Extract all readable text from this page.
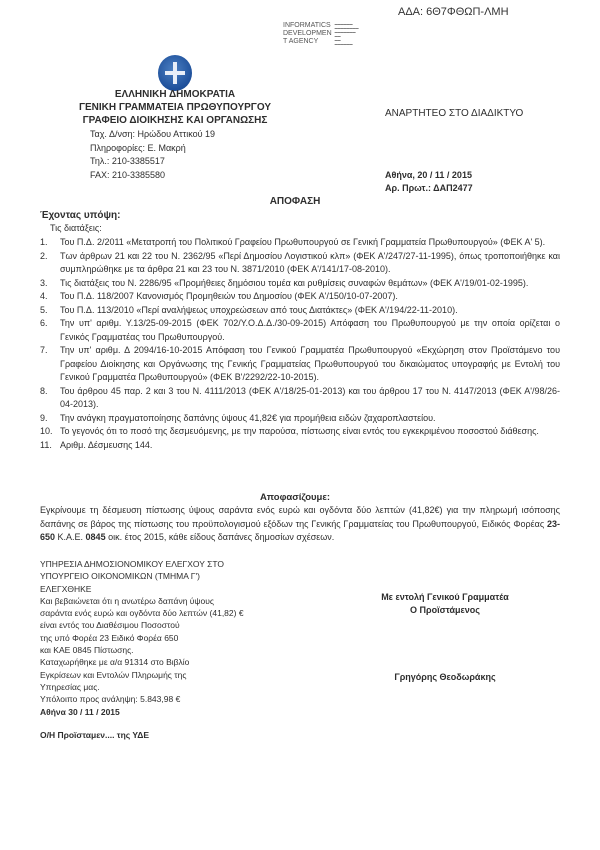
ΑΔΑ: 6Θ7ΦΘΩΠ-ΛΜΗ
INFORMATICS
DEVELOPMEN
T AGENCY
▬▬▬▬▬▬
▬▬▬▬▬▬▬▬
▬▬▬▬▬▬▬
▬▬
▬▬
▬▬▬▬▬▬
ΕΛΛΗΝΙΚΗ ΔΗΜΟΚΡΑΤΙΑ
ΓΕΝΙΚΗ ΓΡΑΜΜΑΤΕΙΑ ΠΡΩΘΥΠΟΥΡΓΟΥ
ΓΡΑΦΕΙΟ ΔΙΟΙΚΗΣΗΣ ΚΑΙ ΟΡΓΑΝΩΣΗΣ
Ταχ. Δ/νση: Ηρώδου Αττικού 19
Πληροφορίες: Ε. Μακρή
Τηλ.: 210-3385517
FAX: 210-3385580
ΑΝΑΡΤΗΤΕΟ ΣΤΟ ΔΙΑΔΙΚΤΥΟ
Αθήνα, 20 / 11 / 2015
Αρ. Πρωτ.: ΔΑΠ2477
ΑΠΟΦΑΣΗ
Έχοντας υπόψη:
Τις διατάξεις:
1.	Του Π.Δ. 2/2011 «Μετατροπή του Πολιτικού Γραφείου Πρωθυπουργού σε Γενική Γραμματεία Πρωθυπουργού» (ΦΕΚ Α' 5).
2.	Των άρθρων 21 και 22 του Ν. 2362/95 «Περί Δημοσίου Λογιστικού κλπ» (ΦΕΚ Α'/247/27-11-1995), όπως τροποποιήθηκε και συμπληρώθηκε με τα άρθρα 21 και 23 του Ν. 3871/2010 (ΦΕΚ Α'/141/17-08-2010).
3.	Τις διατάξεις του Ν. 2286/95 «Προμήθειες δημόσιου τομέα και ρυθμίσεις συναφών θεμάτων» (ΦΕΚ Α'/19/01-02-1995).
4.	Του Π.Δ. 118/2007 Κανονισμός Προμηθειών του Δημοσίου (ΦΕΚ Α'/150/10-07-2007).
5.	Του Π.Δ. 113/2010 «Περί αναλήψεως υποχρεώσεων από τους Διατάκτες» (ΦΕΚ Α'/194/22-11-2010).
6.	Την υπ' αριθμ. Υ.13/25-09-2015 (ΦΕΚ 702/Υ.Ο.Δ.Δ./30-09-2015) Απόφαση του Πρωθυπουργού με την οποία ορίζεται ο Γενικός Γραμματέας του Πρωθυπουργού.
7.	Την υπ' αριθμ. Δ 2094/16-10-2015 Απόφαση του Γενικού Γραμματέα Πρωθυπουργού «Εκχώρηση στον Προϊστάμενο του Γραφείου Διοίκησης και Οργάνωσης της Γενικής Γραμματείας Πρωθυπουργού του δικαιώματος υπογραφής με Εντολή του Γενικού Γραμματέα Πρωθυπουργού» (ΦΕΚ Β'/2292/22-10-2015).
8.	Του άρθρου 45 παρ. 2 και 3 του Ν. 4111/2013 (ΦΕΚ Α'/18/25-01-2013) και του άρθρου 17 του Ν. 4147/2013 (ΦΕΚ Α'/98/26-04-2013).
9.	Την ανάγκη πραγματοποίησης δαπάνης ύψους 41,82€ για προμήθεια ειδών ζαχαροπλαστείου.
10. Το γεγονός ότι το ποσό της δεσμευόμενης, με την παρούσα, πίστωσης είναι εντός του εγκεκριμένου ποσοστού διάθεσης.
11. Αριθμ. Δέσμευσης 144.
Αποφασίζουμε:
Εγκρίνουμε τη δέσμευση πίστωσης ύψους σαράντα ενός ευρώ και ογδόντα δύο λεπτών (41,82€) για την πληρωμή ισόποσης δαπάνης σε βάρος της πίστωσης του προϋπολογισμού εξόδων της Γενικής Γραμματείας του Πρωθυπουργού, Ειδικός Φορέας 23-650 Κ.Α.Ε. 0845 οικ. έτος 2015, κάθε είδους δαπάνες δημοσίων σχέσεων.
ΥΠΗΡΕΣΙΑ ΔΗΜΟΣΙΟΝΟΜΙΚΟΥ ΕΛΕΓΧΟΥ ΣΤΟ
ΥΠΟΥΡΓΕΙΟ ΟΙΚΟΝΟΜΙΚΩΝ (ΤΜΗΜΑ Γ')
ΕΛΕΓΧΘΗΚΕ
Και βεβαιώνεται ότι η ανωτέρω δαπάνη ύψους
σαράντα ενός ευρώ και ογδόντα δύο λεπτών (41,82) €
είναι εντός του Διαθέσιμου Ποσοστού
της υπό Φορέα 23 Ειδικό Φορέα 650
και ΚΑΕ 0845 Πίστωσης.
Καταχωρήθηκε με α/α 91314 στο Βιβλίο
Εγκρίσεων και Εντολών Πληρωμής της
Υπηρεσίας μας.
Υπόλοιπο προς ανάληψη: 5.843,98 €
Αθήνα 30 / 11 / 2015
Ο/Η Προϊσταμεν.... της ΥΔΕ
Με εντολή Γενικού Γραμματέα
Ο Προϊστάμενος
Γρηγόρης Θεοδωράκης
